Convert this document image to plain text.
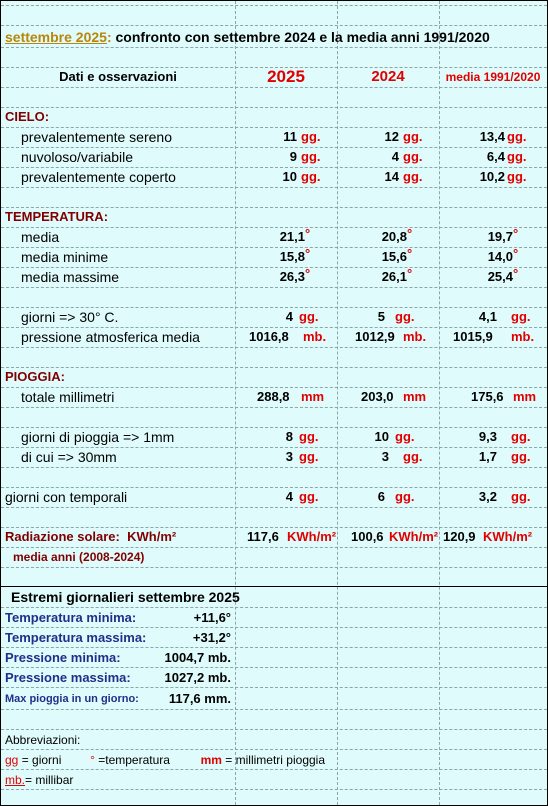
settembre 2025: confronto con settembre 2024 e la media anni 1991/2020
Dati e osservazioni	2025	2024	media 1991/2020
CIELO:
prevalentemente sereno	11 gg.	12 gg.	13,4 gg.
nuvoloso/variabile	9 gg.	4 gg.	6,4 gg.
prevalentemente coperto	10 gg.	14 gg.	10,2 gg.
TEMPERATURA:
media	21,1 °	20,8 °	19,7 °
media minime	15,8 °	15,6 °	14,0 °
media massime	26,3 °	26,1 °	25,4 °
giorni => 30° C.	4 gg.	5 gg.	4,1 gg.
pressione atmosferica media	1016,8 mb. 1012,9 mb. 1015,9 mb.
PIOGGIA:
totale millimetri	288,8 mm	203,0 mm	175,6 mm
giorni di pioggia => 1mm	8 gg.	10 gg.	9,3 gg.
di cui => 30mm	3 gg.	3 gg.	1,7 gg.
giorni con temporali	4 gg.	6 gg.	3,2 gg.
Radiazione solare: KWh/m²	117,6 KWh/m² 100,6 KWh/m² 120,9 KWh/m²
media anni (2008-2024)
Estremi giornalieri settembre 2025
Temperatura minima:	+11,6°
Temperatura massima:	+31,2°
Pressione minima:	1004,7 mb.
Pressione massima:	1027,2 mb.
Max pioggia in un giorno:	117,6 mm.
Abbreviazioni:
gg = giorni ° =temperatura	mm = millimetri pioggia
mb.= millibar
